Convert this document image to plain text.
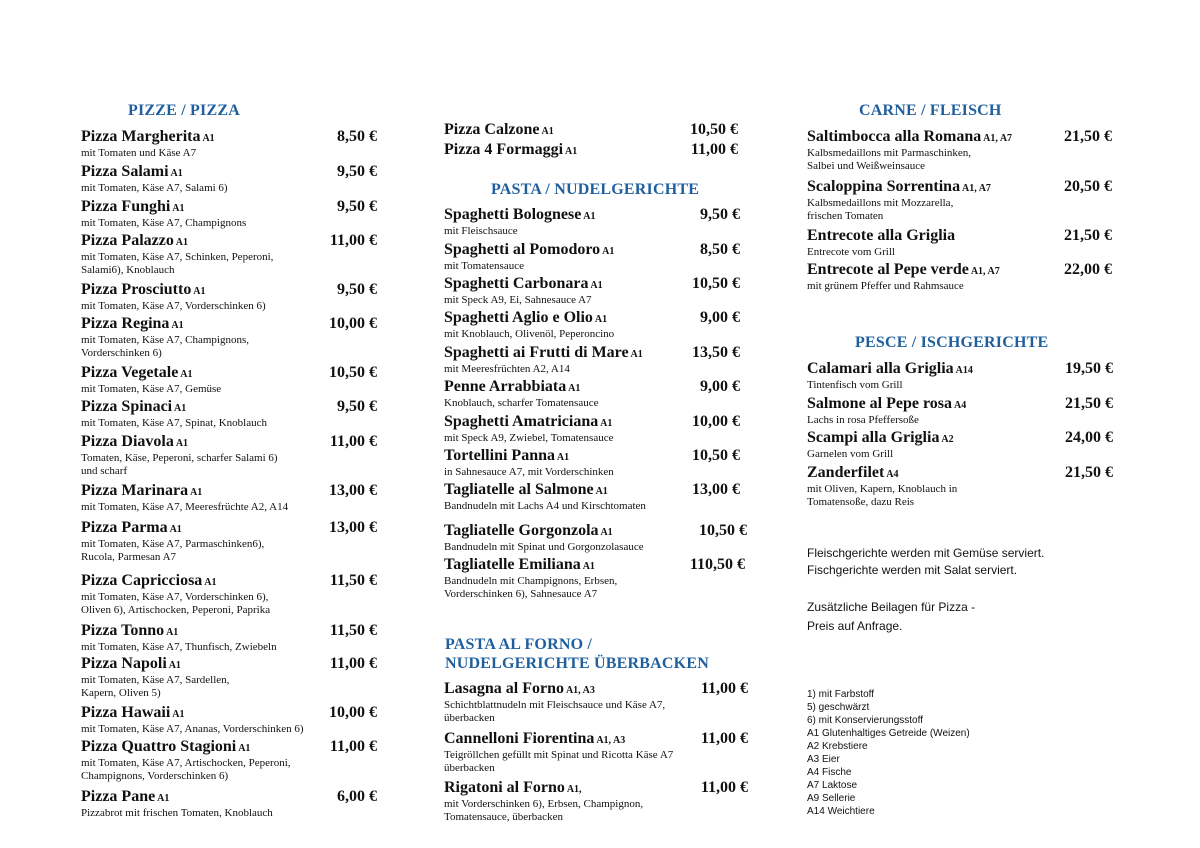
PIZZE / PIZZA
Pizza Margherita A1	8,50 €
mit Tomaten und Käse A7
Pizza Salami A1	9,50 €
mit Tomaten, Käse A7, Salami 6)
Pizza Funghi A1	9,50 €
mit Tomaten, Käse A7, Champignons
Pizza Palazzo A1	11,00 €
mit Tomaten, Käse A7, Schinken, Peperoni,
Salami6), Knoblauch
Pizza Prosciutto A1	9,50 €
mit Tomaten, Käse A7, Vorderschinken 6)
Pizza Regina A1	10,00 €
mit Tomaten, Käse A7, Champignons,
Vorderschinken 6)
Pizza Vegetale A1	10,50 €
mit Tomaten, Käse A7, Gemüse
Pizza Spinaci A1	9,50 €
mit Tomaten, Käse A7, Spinat, Knoblauch
Pizza Diavola A1	11,00 €
Tomaten, Käse, Peperoni, scharfer Salami 6)
und scharf
Pizza Marinara A1	13,00 €
mit Tomaten, Käse A7, Meeresfrüchte A2, A14
Pizza Parma A1	13,00 €
mit Tomaten, Käse A7, Parmaschinken6),
Rucola, Parmesan A7
Pizza Capricciosa A1	11,50 €
mit Tomaten, Käse A7, Vorderschinken 6),
Oliven 6), Artischocken, Peperoni, Paprika
Pizza Tonno A1	11,50 €
mit Tomaten, Käse A7, Thunfisch, Zwiebeln
Pizza Napoli A1	11,00 €
mit Tomaten, Käse A7, Sardellen,
Kapern, Oliven 5)
Pizza Hawaii A1	10,00 €
mit Tomaten, Käse A7, Ananas, Vorderschinken 6)
Pizza Quattro Stagioni A1	11,00 €
mit Tomaten, Käse A7, Artischocken, Peperoni,
Champignons, Vorderschinken 6)
Pizza Pane A1	6,00 €
Pizzabrot mit frischen Tomaten, Knoblauch
Pizza Calzone A1	10,50 €
Pizza 4 Formaggi A1	11,00 €
PASTA / NUDELGERICHTE
Spaghetti Bolognese A1	9,50 €
mit Fleischsauce
Spaghetti al Pomodoro A1	8,50 €
mit Tomatensauce
Spaghetti Carbonara A1	10,50 €
mit Speck A9, Ei, Sahnesauce A7
Spaghetti Aglio e Olio A1	9,00 €
mit Knoblauch, Olivenöl, Peperoncino
Spaghetti ai Frutti di Mare A1	13,50 €
mit Meeresfrüchten A2, A14
Penne Arrabbiata A1	9,00 €
Knoblauch, scharfer Tomatensauce
Spaghetti Amatriciana A1	10,00 €
mit Speck A9, Zwiebel, Tomatensauce
Tortellini Panna A1	10,50 €
in Sahnesauce A7, mit Vorderschinken
Tagliatelle al Salmone A1	13,00 €
Bandnudeln mit Lachs A4 und Kirschtomaten
Tagliatelle Gorgonzola A1	10,50 €
Bandnudeln mit Spinat und Gorgonzolasauce
Tagliatelle Emiliana A1	110,50 €
Bandnudeln mit Champignons, Erbsen,
Vorderschinken 6), Sahnesauce A7
PASTA AL FORNO /
NUDELGERICHTE ÜBERBACKEN
Lasagna al Forno A1, A3	11,00 €
Schichtblattnudeln mit Fleischsauce und Käse A7,
überbacken
Cannelloni Fiorentina A1, A3	11,00 €
Teigröllchen gefüllt mit Spinat und Ricotta Käse A7
überbacken
Rigatoni al Forno A1,	11,00 €
mit Vorderschinken 6), Erbsen, Champignon,
Tomatensauce, überbacken
CARNE / FLEISCH
Saltimbocca alla Romana A1, A7	21,50 €
Kalbsmedaillons mit Parmaschinken,
Salbei und Weißweinsauce
Scaloppina Sorrentina A1, A7	20,50 €
Kalbsmedaillons mit Mozzarella,
frischen Tomaten
Entrecote alla Griglia	21,50 €
Entrecote vom Grill
Entrecote al Pepe verde A1, A7	22,00 €
mit grünem Pfeffer und Rahmsauce
PESCE / ISCHGERICHTE
Calamari alla Griglia A14	19,50 €
Tintenfisch vom Grill
Salmone al Pepe rosa A4	21,50 €
Lachs in rosa Pfeffersoße
Scampi alla Griglia A2	24,00 €
Garnelen vom Grill
Zanderfilet A4	21,50 €
mit Oliven, Kapern, Knoblauch in
Tomatensoße, dazu Reis
Fleischgerichte werden mit Gemüse serviert.
Fischgerichte werden mit Salat serviert.
Zusätzliche Beilagen für Pizza -
Preis auf Anfrage.
1) mit Farbstoff
5) geschwärzt
6) mit Konservierungsstoff
A1 Glutenhaltiges Getreide (Weizen)
A2 Krebstiere
A3 Eier
A4 Fische
A7 Laktose
A9 Sellerie
A14 Weichtiere
